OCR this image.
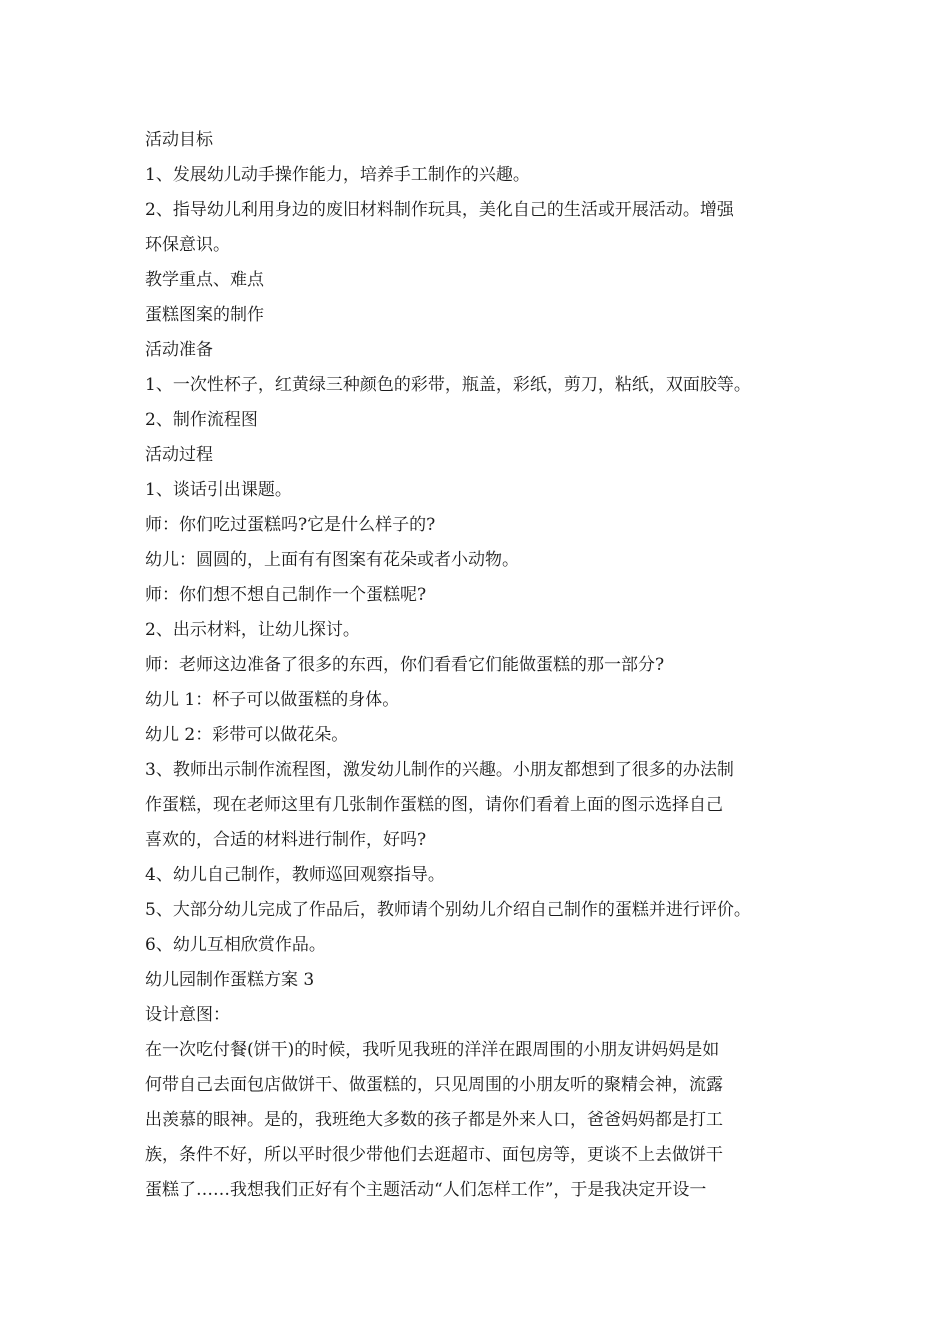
活动目标
1、发展幼儿动手操作能力，培养手工制作的兴趣。
2、指导幼儿利用身边的废旧材料制作玩具，美化自己的生活或开展活动。增强
环保意识。
教学重点、难点
蛋糕图案的制作
活动准备
1、一次性杯子，红黄绿三种颜色的彩带，瓶盖，彩纸，剪刀，粘纸，双面胶等。
2、制作流程图
活动过程
1、谈话引出课题。
师：你们吃过蛋糕吗?它是什么样子的?
幼儿：圆圆的，上面有有图案有花朵或者小动物。
师：你们想不想自己制作一个蛋糕呢?
2、出示材料，让幼儿探讨。
师：老师这边准备了很多的东西，你们看看它们能做蛋糕的那一部分?
幼儿 1：杯子可以做蛋糕的身体。
幼儿 2：彩带可以做花朵。
3、教师出示制作流程图，激发幼儿制作的兴趣。小朋友都想到了很多的办法制
作蛋糕，现在老师这里有几张制作蛋糕的图，请你们看着上面的图示选择自己
喜欢的，合适的材料进行制作，好吗?
4、幼儿自己制作，教师巡回观察指导。
5、大部分幼儿完成了作品后，教师请个别幼儿介绍自己制作的蛋糕并进行评价。
6、幼儿互相欣赏作品。
幼儿园制作蛋糕方案 3
设计意图：
在一次吃付餐(饼干)的时候，我听见我班的洋洋在跟周围的小朋友讲妈妈是如
何带自己去面包店做饼干、做蛋糕的，只见周围的小朋友听的聚精会神，流露
出羡慕的眼神。是的，我班绝大多数的孩子都是外来人口，爸爸妈妈都是打工
族，条件不好，所以平时很少带他们去逛超市、面包房等，更谈不上去做饼干
蛋糕了……我想我们正好有个主题活动“人们怎样工作”，于是我决定开设一
